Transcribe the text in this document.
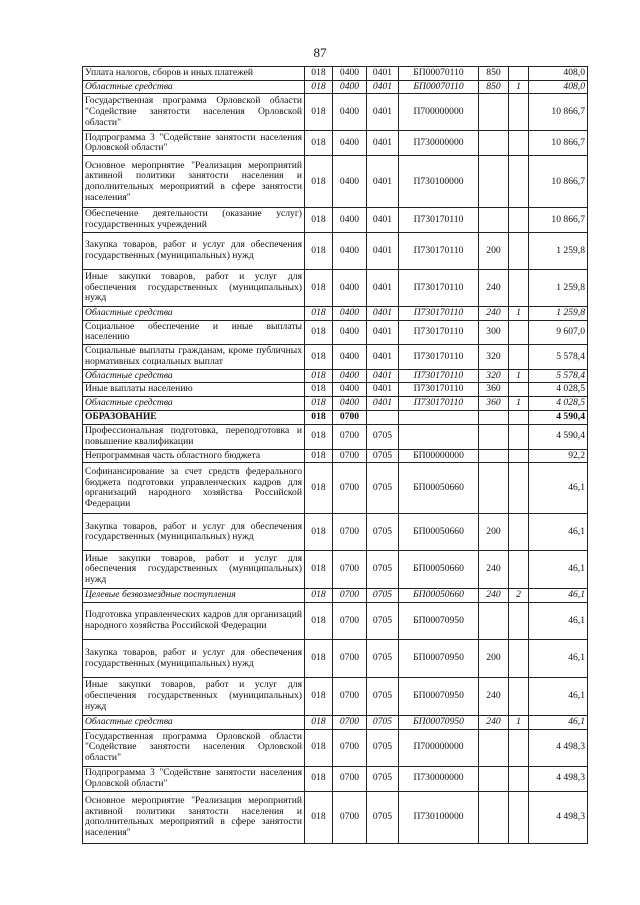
87
Уплата налогов, сборов и иных платежей	018	0400	0401	БП00070110	850		408,0
Областные средства	018	0400	0401	БП00070110	850	1	408,0
Государственная программа Орловской области "Содействие занятости населения Орловской области"	018	0400	0401	П700000000			10 866,7
Подпрограмма 3 "Содействие занятости населения Орловской области"	018	0400	0401	П730000000			10 866,7
Основное мероприятие "Реализация мероприятий активной политики занятости населения и дополнительных мероприятий в сфере занятости населения"	018	0400	0401	П730100000			10 866,7
Обеспечение деятельности (оказание услуг) государственных учреждений	018	0400	0401	П730170110			10 866,7
Закупка товаров, работ и услуг для обеспечения государственных (муниципальных) нужд	018	0400	0401	П730170110	200		1 259,8
Иные закупки товаров, работ и услуг для обеспечения государственных (муниципальных) нужд	018	0400	0401	П730170110	240		1 259,8
Областные средства	018	0400	0401	П730170110	240	1	1 259,8
Социальное обеспечение и иные выплаты населению	018	0400	0401	П730170110	300		9 607,0
Социальные выплаты гражданам, кроме публичных нормативных социальных выплат	018	0400	0401	П730170110	320		5 578,4
Областные средства	018	0400	0401	П730170110	320	1	5 578,4
Иные выплаты населению	018	0400	0401	П730170110	360		4 028,5
Областные средства	018	0400	0401	П730170110	360	1	4 028,5
ОБРАЗОВАНИЕ	018	0700					4 590,4
Профессиональная подготовка, переподготовка и повышение квалификации	018	0700	0705				4 590,4
Непрограммная часть областного бюджета	018	0700	0705	БП00000000			92,2
Софинансирование за счет средств федерального бюджета подготовки управленческих кадров для организаций народного хозяйства Российской Федерации	018	0700	0705	БП00050660			46,1
Закупка товаров, работ и услуг для обеспечения государственных (муниципальных) нужд	018	0700	0705	БП00050660	200		46,1
Иные закупки товаров, работ и услуг для обеспечения государственных (муниципальных) нужд	018	0700	0705	БП00050660	240		46,1
Целевые безвозмездные поступления	018	0700	0705	БП00050660	240	2	46,1
Подготовка управленческих кадров для организаций народного хозяйства Российской Федерации	018	0700	0705	БП00070950			46,1
Закупка товаров, работ и услуг для обеспечения государственных (муниципальных) нужд	018	0700	0705	БП00070950	200		46,1
Иные закупки товаров, работ и услуг для обеспечения государственных (муниципальных) нужд	018	0700	0705	БП00070950	240		46,1
Областные средства	018	0700	0705	БП00070950	240	1	46,1
Государственная программа Орловской области "Содействие занятости населения Орловской области"	018	0700	0705	П700000000			4 498,3
Подпрограмма 3 "Содействие занятости населения Орловской области"	018	0700	0705	П730000000			4 498,3
Основное мероприятие "Реализация мероприятий активной политики занятости населения и дополнительных мероприятий в сфере занятости населения"	018	0700	0705	П730100000			4 498,3
